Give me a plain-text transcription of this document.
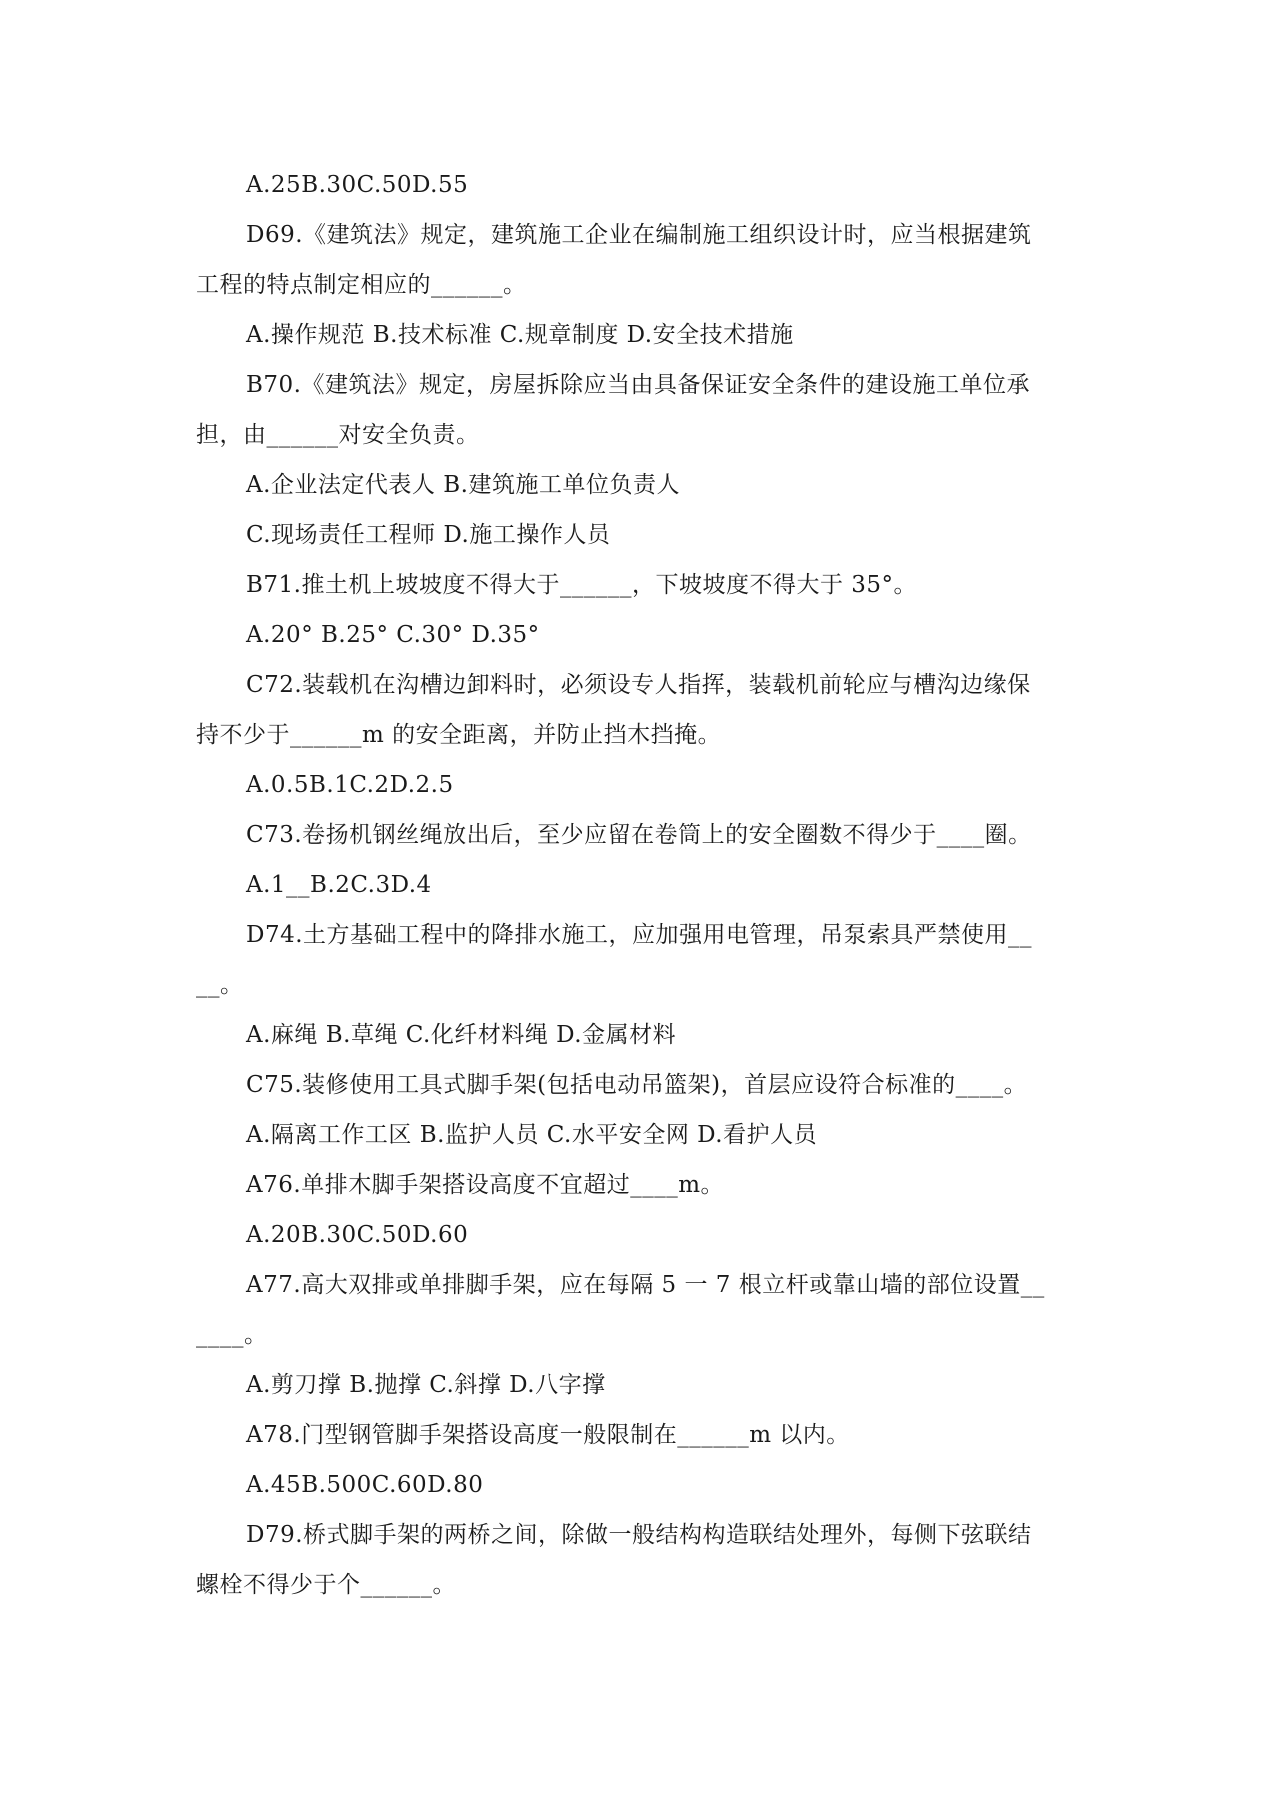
A.25B.30C.50D.55
D69.《建筑法》规定，建筑施工企业在编制施工组织设计时，应当根据建筑
工程的特点制定相应的______。
A.操作规范 B.技术标准 C.规章制度 D.安全技术措施
B70.《建筑法》规定，房屋拆除应当由具备保证安全条件的建设施工单位承
担，由______对安全负责。
A.企业法定代表人 B.建筑施工单位负责人
C.现场责任工程师 D.施工操作人员
B71.推土机上坡坡度不得大于______，下坡坡度不得大于 35°。
A.20° B.25° C.30° D.35°
C72.装载机在沟槽边卸料时，必须设专人指挥，装载机前轮应与槽沟边缘保
持不少于______m 的安全距离，并防止挡木挡掩。
A.0.5B.1C.2D.2.5
C73.卷扬机钢丝绳放出后，至少应留在卷筒上的安全圈数不得少于____圈。
A.1__B.2C.3D.4
D74.土方基础工程中的降排水施工，应加强用电管理，吊泵索具严禁使用__
__。
A.麻绳 B.草绳 C.化纤材料绳 D.金属材料
C75.装修使用工具式脚手架(包括电动吊篮架)，首层应设符合标准的____。
A.隔离工作工区 B.监护人员 C.水平安全网 D.看护人员
A76.单排木脚手架搭设高度不宜超过____m。
A.20B.30C.50D.60
A77.高大双排或单排脚手架，应在每隔 5 一 7 根立杆或靠山墙的部位设置__
____。
A.剪刀撑 B.抛撑 C.斜撑 D.八字撑
A78.门型钢管脚手架搭设高度一般限制在______m 以内。
A.45B.500C.60D.80
D79.桥式脚手架的两桥之间，除做一般结构构造联结处理外，每侧下弦联结
螺栓不得少于个______。
